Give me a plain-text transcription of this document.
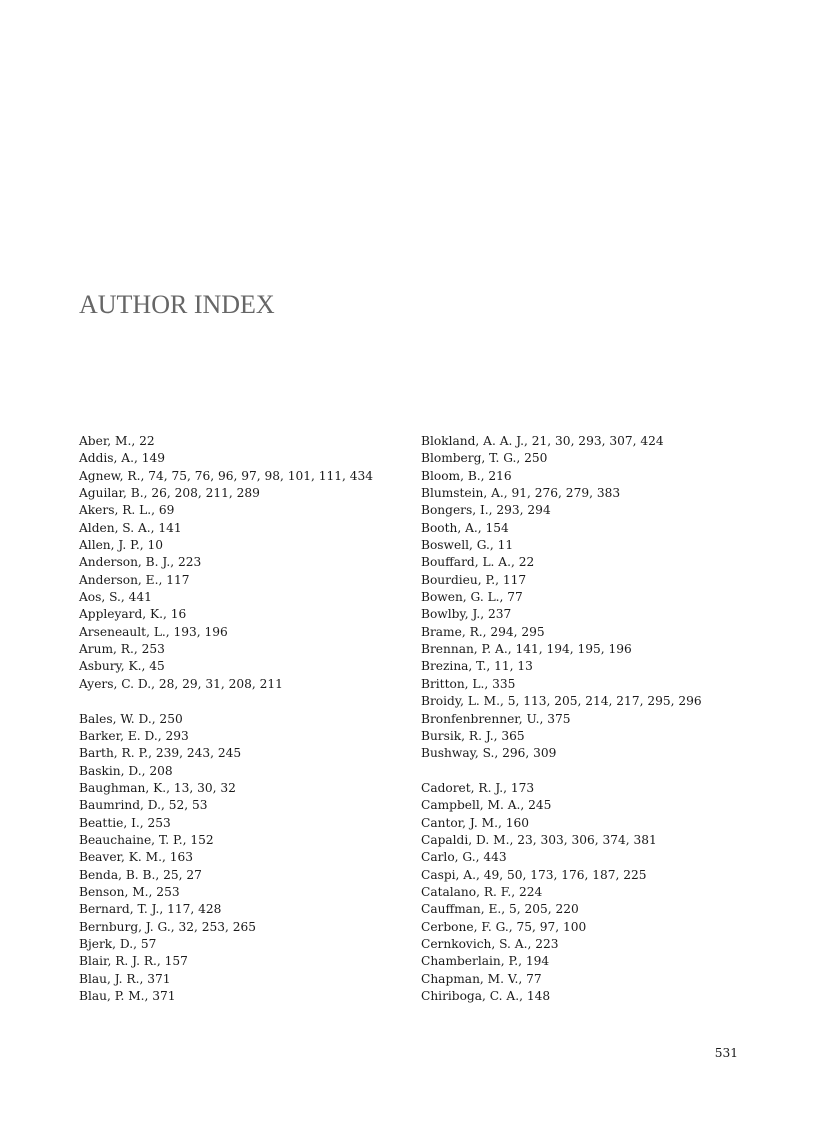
AUTHOR INDEX
Aber, M., 22
Addis, A., 149
Agnew, R., 74, 75, 76, 96, 97, 98, 101, 111, 434
Aguilar, B., 26, 208, 211, 289
Akers, R. L., 69
Alden, S. A., 141
Allen, J. P., 10
Anderson, B. J., 223
Anderson, E., 117
Aos, S., 441
Appleyard, K., 16
Arseneault, L., 193, 196
Arum, R., 253
Asbury, K., 45
Ayers, C. D., 28, 29, 31, 208, 211
Bales, W. D., 250
Barker, E. D., 293
Barth, R. P., 239, 243, 245
Baskin, D., 208
Baughman, K., 13, 30, 32
Baumrind, D., 52, 53
Beattie, I., 253
Beauchaine, T. P., 152
Beaver, K. M., 163
Benda, B. B., 25, 27
Benson, M., 253
Bernard, T. J., 117, 428
Bernburg, J. G., 32, 253, 265
Bjerk, D., 57
Blair, R. J. R., 157
Blau, J. R., 371
Blau, P. M., 371
Blokland, A. A. J., 21, 30, 293, 307, 424
Blomberg, T. G., 250
Bloom, B., 216
Blumstein, A., 91, 276, 279, 383
Bongers, I., 293, 294
Booth, A., 154
Boswell, G., 11
Bouffard, L. A., 22
Bourdieu, P., 117
Bowen, G. L., 77
Bowlby, J., 237
Brame, R., 294, 295
Brennan, P. A., 141, 194, 195, 196
Brezina, T., 11, 13
Britton, L., 335
Broidy, L. M., 5, 113, 205, 214, 217, 295, 296
Bronfenbrenner, U., 375
Bursik, R. J., 365
Bushway, S., 296, 309
Cadoret, R. J., 173
Campbell, M. A., 245
Cantor, J. M., 160
Capaldi, D. M., 23, 303, 306, 374, 381
Carlo, G., 443
Caspi, A., 49, 50, 173, 176, 187, 225
Catalano, R. F., 224
Cauffman, E., 5, 205, 220
Cerbone, F. G., 75, 97, 100
Cernkovich, S. A., 223
Chamberlain, P., 194
Chapman, M. V., 77
Chiriboga, C. A., 148
531
